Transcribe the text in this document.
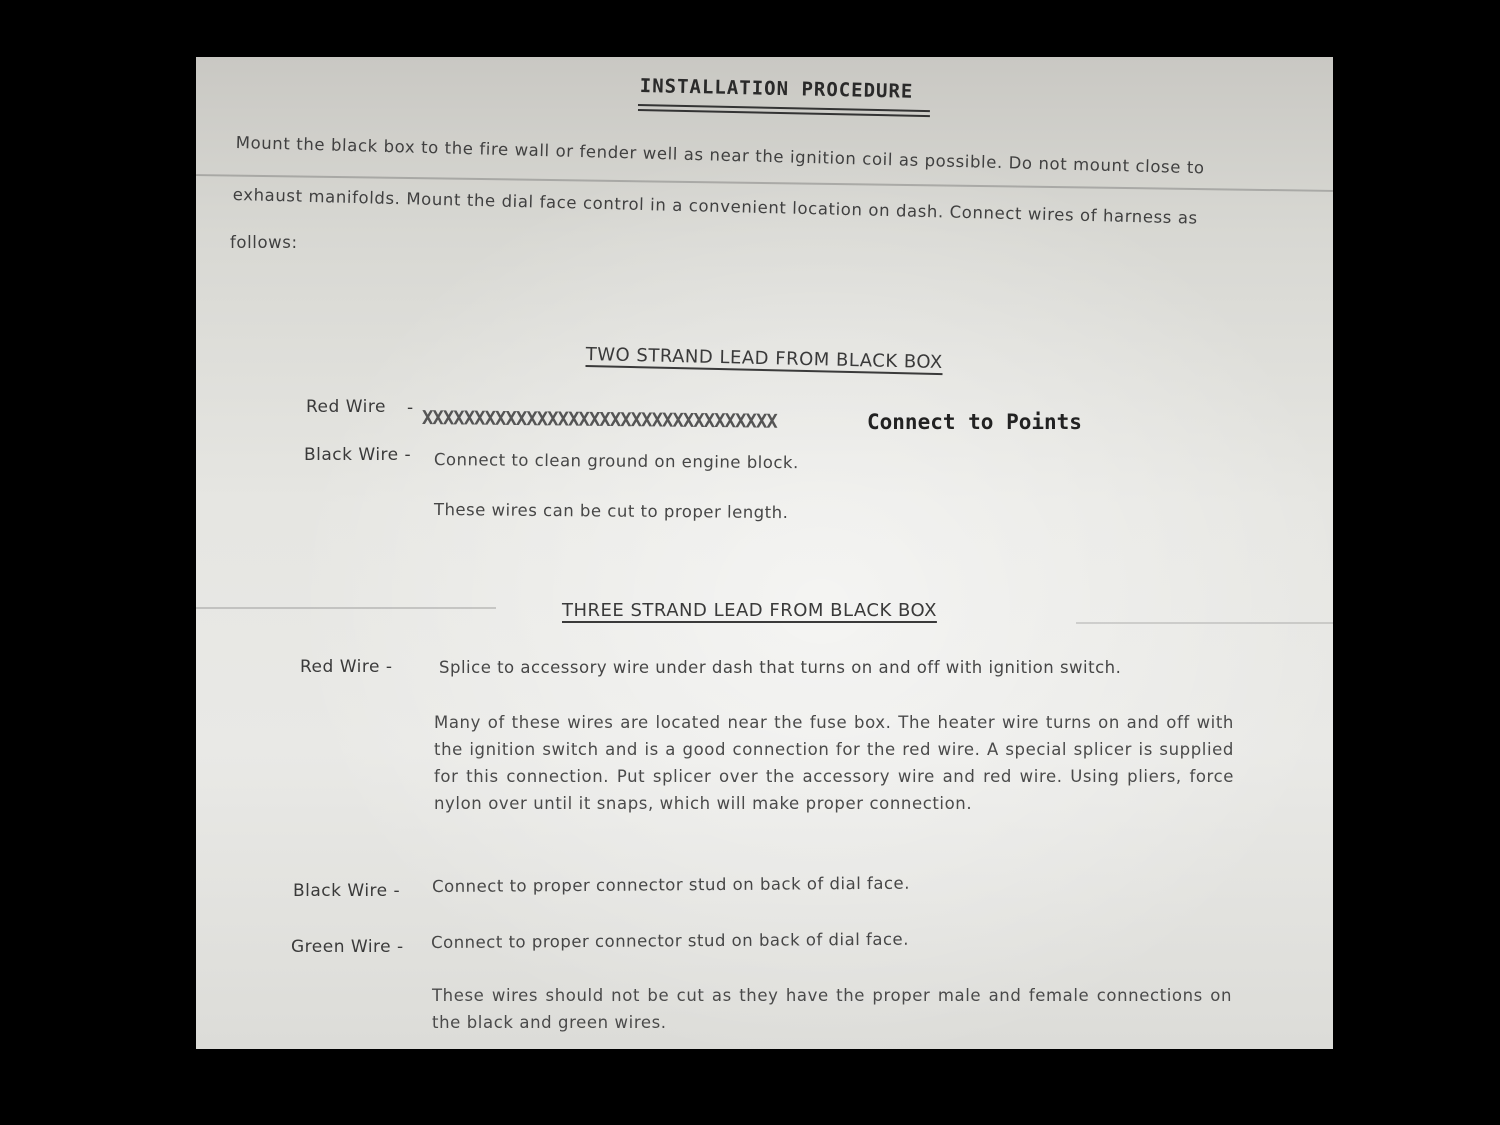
INSTALLATION PROCEDURE
Mount the black box to the fire wall or fender well as near the ignition coil as possible. Do not mount close to
exhaust manifolds. Mount the dial face control in a convenient location on dash. Connect wires of harness as
follows:
TWO STRAND LEAD FROM BLACK BOX
Red Wire - XXXXXXXXXXXXXXXXXXXXXXXXXXXXXXXXXX	Connect to Points
Black Wire - Connect to clean ground on engine block.
These wires can be cut to proper length.
THREE STRAND LEAD FROM BLACK BOX
Red Wire -	Splice to accessory wire under dash that turns on and off with ignition switch.
Many of these wires are located near the fuse box. The heater wire turns on and off with the ignition switch and is a good connection for the red wire. A special splicer is supplied for this connection. Put splicer over the accessory wire and red wire. Using pliers, force nylon over until it snaps, which will make proper connection.
Black Wire - Connect to proper connector stud on back of dial face.
Green Wire - Connect to proper connector stud on back of dial face.
These wires should not be cut as they have the proper male and female connections on the black and green wires.
